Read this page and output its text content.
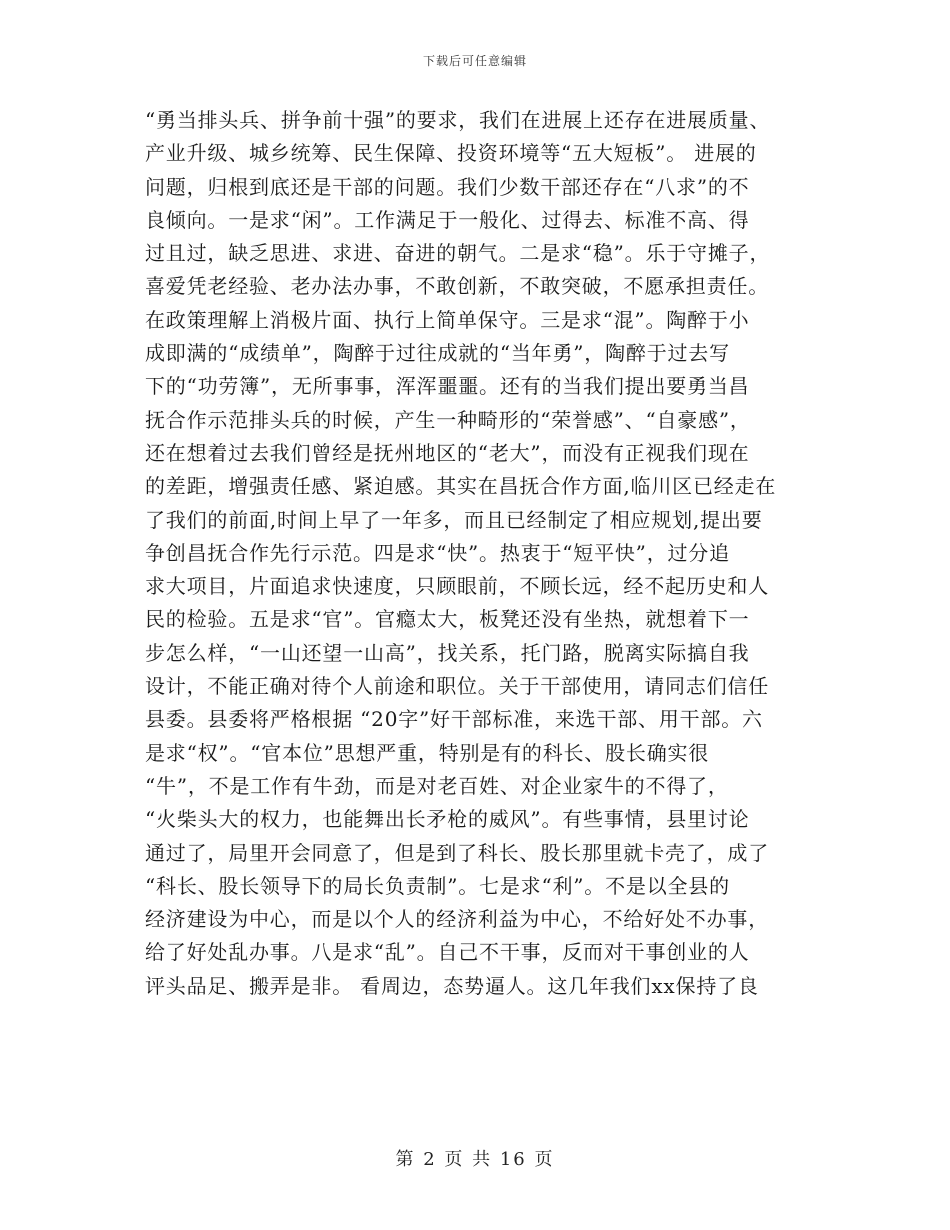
下载后可任意编辑
“勇当排头兵、拼争前十强”的要求，我们在进展上还存在进展质量、
产业升级、城乡统筹、民生保障、投资环境等“五大短板”。 进展的
问题，归根到底还是干部的问题。我们少数干部还存在“八求”的不
良倾向。一是求“闲”。工作满足于一般化、过得去、标准不高、得
过且过，缺乏思进、求进、奋进的朝气。二是求“稳”。乐于守摊子，
喜爱凭老经验、老办法办事，不敢创新，不敢突破，不愿承担责任。
在政策理解上消极片面、执行上简单保守。三是求“混”。陶醉于小
成即满的“成绩单”，陶醉于过往成就的“当年勇”，陶醉于过去写
下的“功劳簿”，无所事事，浑浑噩噩。还有的当我们提出要勇当昌
抚合作示范排头兵的时候，产生一种畸形的“荣誉感”、“自豪感”，
还在想着过去我们曾经是抚州地区的“老大”，而没有正视我们现在
的差距，增强责任感、紧迫感。其实在昌抚合作方面,临川区已经走在
了我们的前面,时间上早了一年多，而且已经制定了相应规划,提出要
争创昌抚合作先行示范。四是求“快”。热衷于“短平快”，过分追
求大项目，片面追求快速度，只顾眼前，不顾长远，经不起历史和人
民的检验。五是求“官”。官瘾太大，板凳还没有坐热，就想着下一
步怎么样，“一山还望一山高”，找关系，托门路，脱离实际搞自我
设计，不能正确对待个人前途和职位。关于干部使用，请同志们信任
县委。县委将严格根据 “20字”好干部标准，来选干部、用干部。六
是求“权”。“官本位”思想严重，特别是有的科长、股长确实很
“牛”，不是工作有牛劲，而是对老百姓、对企业家牛的不得了，
“火柴头大的权力，也能舞出长矛枪的威风”。有些事情，县里讨论
通过了，局里开会同意了，但是到了科长、股长那里就卡壳了，成了
“科长、股长领导下的局长负责制”。七是求“利”。不是以全县的
经济建设为中心，而是以个人的经济利益为中心，不给好处不办事，
给了好处乱办事。八是求“乱”。自己不干事，反而对干事创业的人
评头品足、搬弄是非。 看周边，态势逼人。这几年我们xx保持了良
第 2 页 共 16 页
